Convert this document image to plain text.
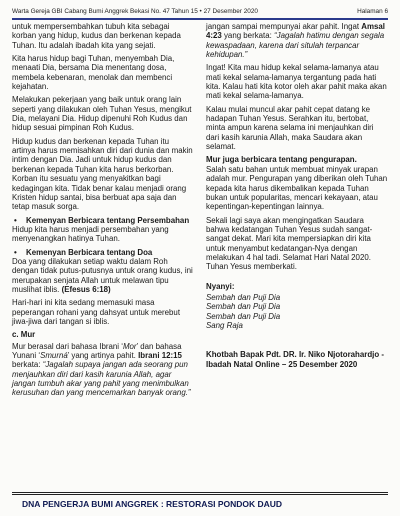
Warta Gereja GBI Cabang Bumi Anggrek Bekasi No. 47 Tahun 15 • 27 Desember 2020	Halaman 6

untuk mempersembahkan tubuh kita sebagai korban yang hidup, kudus dan berkenan kepada Tuhan. Itu adalah ibadah kita yang sejati.

Kita harus hidup bagi Tuhan, menyembah Dia, menaati Dia, bersama Dia menentang dosa, membela kebenaran, menolak dan membenci kejahatan.

Melakukan pekerjaan yang baik untuk orang lain seperti yang dilakukan oleh Tuhan Yesus, mengikut Dia, melayani Dia. Hidup dipenuhi Roh Kudus dan hidup sesuai pimpinan Roh Kudus.

Hidup kudus dan berkenan kepada Tuhan itu artinya harus memisahkan diri dari dunia dan makin intim dengan Dia. Jadi untuk hidup kudus dan berkenan kepada Tuhan kita harus berkorban. Korban itu sesuatu yang menyakitkan bagi kedagingan kita. Tidak benar kalau menjadi orang Kristen hidup santai, bisa berbuat apa saja dan tetap masuk sorga.

•	Kemenyan Berbicara tentang Persembahan

Hidup kita harus menjadi persembahan yang menyenangkan hatinya Tuhan.

•	Kemenyan Berbicara tentang Doa

Doa yang dilakukan setiap waktu dalam Roh dengan tidak putus-putusnya untuk orang kudus, ini merupakan senjata Allah untuk melawan tipu muslihat iblis. (Efesus 6:18)

Hari-hari ini kita sedang memasuki masa peperangan rohani yang dahsyat untuk merebut jiwa-jiwa dari tangan si iblis.

c. Mur

Mur berasal dari bahasa Ibrani ‘Mor’ dan bahasa Yunani ‘Smurná’ yang artinya pahit. Ibrani 12:15 berkata: “Jagalah supaya jangan ada seorang pun menjauhkan diri dari kasih karunia Allah, agar jangan tumbuh akar yang pahit yang menimbulkan kerusuhan dan yang mencemarkan banyak orang.”

jangan sampai mempunyai akar pahit. Ingat Amsal 4:23 yang berkata: “Jagalah hatimu dengan segala kewaspadaan, karena dari situlah terpancar kehidupan.”

Ingat! Kita mau hidup kekal selama-lamanya atau mati kekal selama-lamanya tergantung pada hati kita. Kalau hati kita kotor oleh akar pahit maka akan mati kekal selama-lamanya.

Kalau mulai muncul akar pahit cepat datang ke hadapan Tuhan Yesus. Serahkan itu, bertobat, minta ampun karena selama ini menjauhkan diri dari kasih karunia Allah, maka Saudara akan selamat.

Mur juga berbicara tentang pengurapan.

Salah satu bahan untuk membuat minyak urapan adalah mur. Pengurapan yang diberikan oleh Tuhan kepada kita harus dikembalikan kepada Tuhan bukan untuk popularitas, mencari kekayaan, atau kepentingan-kepentingan lainnya.

Sekali lagi saya akan mengingatkan Saudara bahwa kedatangan Tuhan Yesus sudah sangat-sangat dekat. Mari kita mempersiapkan diri kita untuk menyambut kedatangan-Nya dengan melakukan 4 hal tadi. Selamat Hari Natal 2020. Tuhan Yesus memberkati.

Nyanyi:

Sembah dan Puji Dia
Sembah dan Puji Dia
Sembah dan Puji Dia
Sang Raja

Khotbah Bapak Pdt. DR. Ir. Niko Njotorahardjo - Ibadah Natal Online – 25 Desember 2020

DNA PENGERJA BUMI ANGGREK : RESTORASI PONDOK DAUD
